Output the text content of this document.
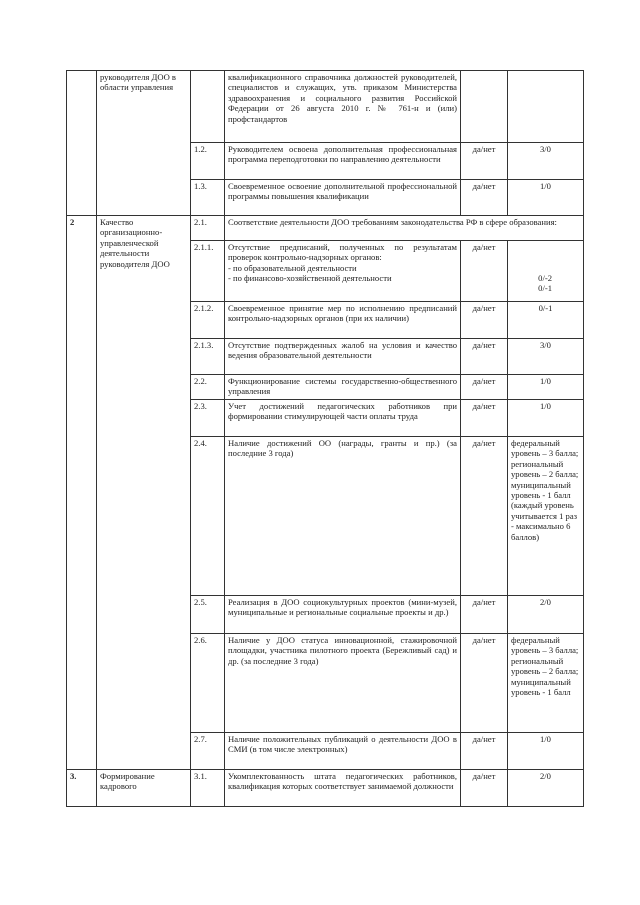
	руководителя ДОО в области управления		квалификационного справочника должностей руководителей, специалистов и служащих, утв. приказом Министерства здравоохранения и социального развития Российской Федерации от 26 августа 2010 г. № 761-н и (или) профстандартов		
		1.2.	Руководителем освоена дополнительная профессиональная программа переподготовки по направлению деятельности	да/нет	3/0
		1.3.	Своевременное освоение дополнительной профессиональной программы повышения квалификации	да/нет	1/0
2	Качество организационно-управленческой деятельности руководителя ДОО	2.1.	Соответствие деятельности ДОО требованиям законодательства РФ в сфере образования:		
		2.1.1.	Отсутствие предписаний, полученных по результатам проверок контрольно-надзорных органов:
- по образовательной деятельности
- по финансово-хозяйственной деятельности	да/нет	0/-2
0/-1

		2.1.2.	Своевременное принятие мер по исполнению предписаний контрольно-надзорных органов (при их наличии)	да/нет	0/-1
		2.1.3.	Отсутствие подтвержденных жалоб на условия и качество ведения образовательной деятельности	да/нет	3/0
		2.2.	Функционирование системы государственно-общественного управления	да/нет	1/0
		2.3.	Учет достижений педагогических работников при формировании стимулирующей части оплаты труда	да/нет	1/0
		2.4.	Наличие достижений ОО (награды, гранты и пр.) (за последние 3 года)	да/нет	федеральный уровень – 3 балла; региональный уровень – 2 балла; муниципальный уровень - 1 балл (каждый уровень учитывается 1 раз - максимально 6 баллов)
		2.5.	Реализация в ДОО социокультурных проектов (мини-музей, муниципальные и региональные социальные проекты и др.)	да/нет	2/0
		2.6.	Наличие у ДОО статуса инновационной, стажировочной площадки, участника пилотного проекта (Бережливый сад) и др. (за последние 3 года)	да/нет	федеральный уровень – 3 балла; региональный уровень – 2 балла; муниципальный уровень - 1 балл
		2.7.	Наличие положительных публикаций о деятельности ДОО в СМИ (в том числе электронных)	да/нет	1/0
3.	Формирование кадрового	3.1.	Укомплектованность штата педагогических работников, квалификация которых соответствует занимаемой должности	да/нет	2/0
